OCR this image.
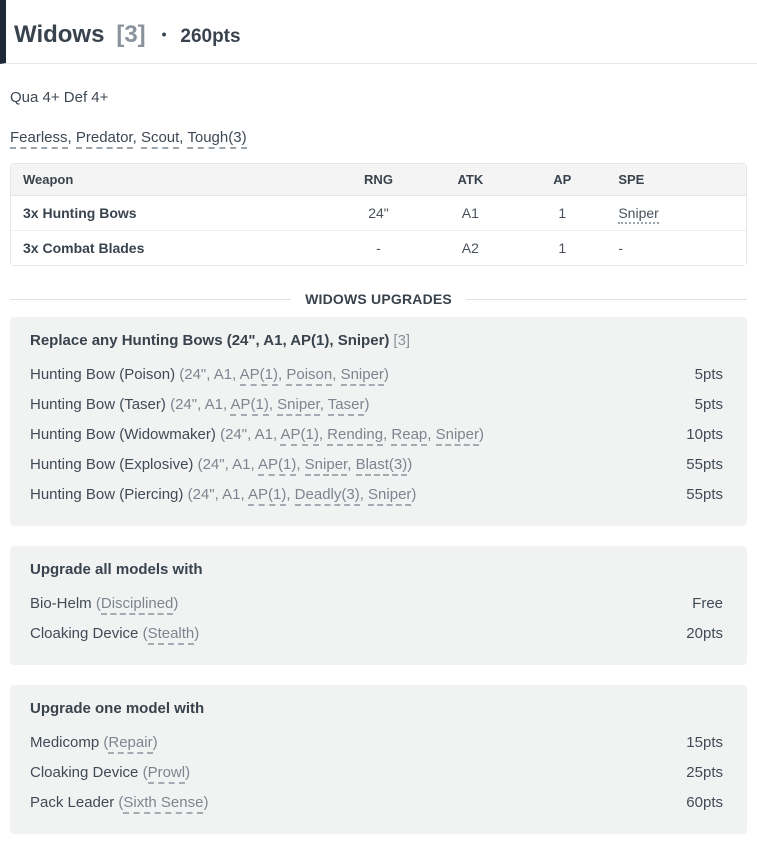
Widows [3] • 260pts

Qua 4+ Def 4+

Fearless, Predator, Scout, Tough(3)

Weapon	RNG	ATK	AP	SPE
3x Hunting Bows	24"	A1	1	Sniper
3x Combat Blades	-	A2	1	-
WIDOWS UPGRADES
Replace any Hunting Bows (24", A1, AP(1), Sniper) [3]
Hunting Bow (Poison) (24", A1, AP(1), Poison, Sniper)	5pts
Hunting Bow (Taser) (24", A1, AP(1), Sniper, Taser)	5pts
Hunting Bow (Widowmaker) (24", A1, AP(1), Rending, Reap, Sniper)	10pts
Hunting Bow (Explosive) (24", A1, AP(1), Sniper, Blast(3))	55pts
Hunting Bow (Piercing) (24", A1, AP(1), Deadly(3), Sniper)	55pts
Upgrade all models with
Bio-Helm (Disciplined)	Free
Cloaking Device (Stealth)	20pts
Upgrade one model with
Medicomp (Repair)	15pts
Cloaking Device (Prowl)	25pts
Pack Leader (Sixth Sense)	60pts
